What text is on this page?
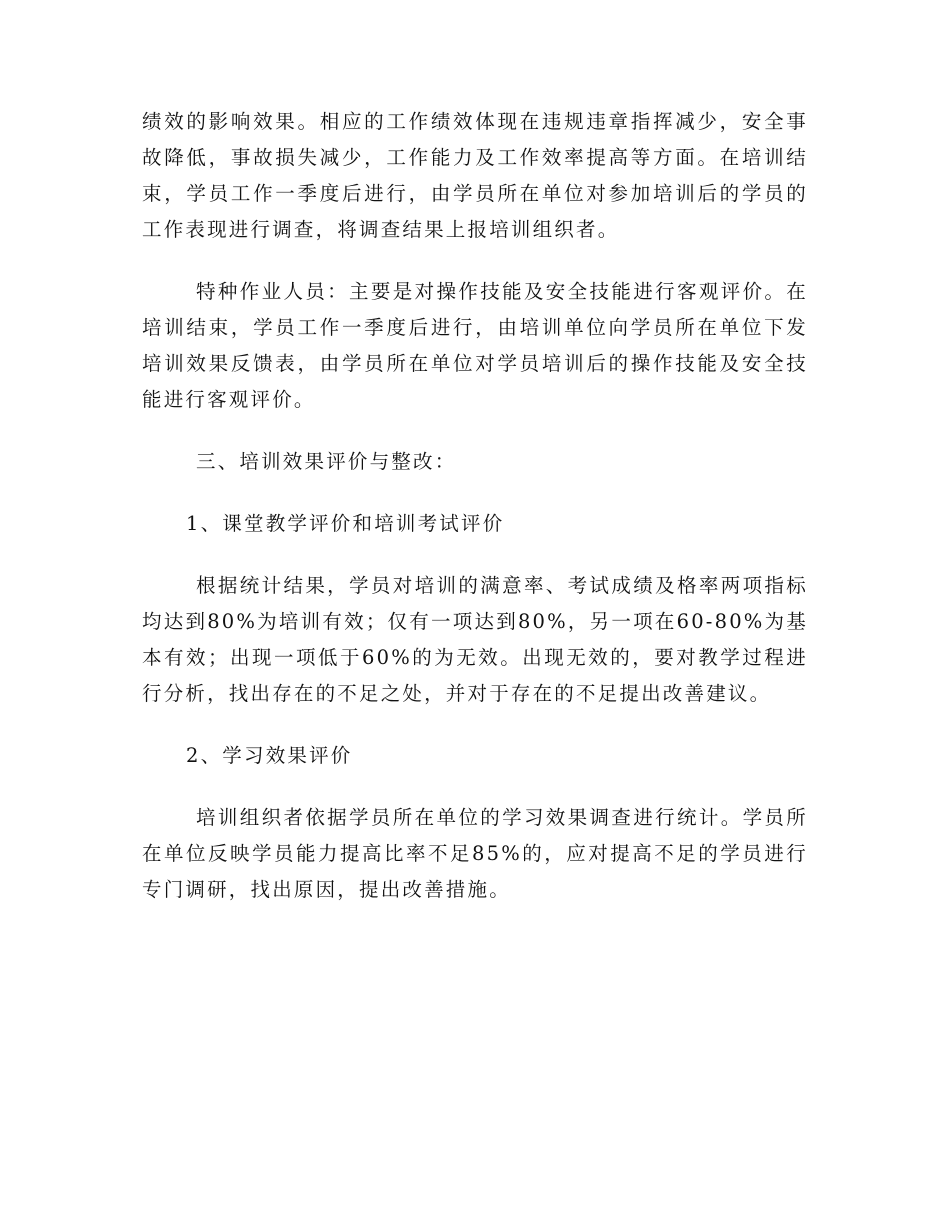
绩效的影响效果。相应的工作绩效体现在违规违章指挥减少，安全事故降低，事故损失减少，工作能力及工作效率提高等方面。在培训结束，学员工作一季度后进行，由学员所在单位对参加培训后的学员的工作表现进行调查，将调查结果上报培训组织者。

特种作业人员：主要是对操作技能及安全技能进行客观评价。在培训结束，学员工作一季度后进行，由培训单位向学员所在单位下发培训效果反馈表，由学员所在单位对学员培训后的操作技能及安全技能进行客观评价。

三、培训效果评价与整改：

1、课堂教学评价和培训考试评价

根据统计结果，学员对培训的满意率、考试成绩及格率两项指标均达到80%为培训有效；仅有一项达到80%，另一项在60-80%为基本有效；出现一项低于60%的为无效。出现无效的，要对教学过程进行分析，找出存在的不足之处，并对于存在的不足提出改善建议。

2、学习效果评价

培训组织者依据学员所在单位的学习效果调查进行统计。学员所在单位反映学员能力提高比率不足85%的，应对提高不足的学员进行专门调研，找出原因，提出改善措施。
